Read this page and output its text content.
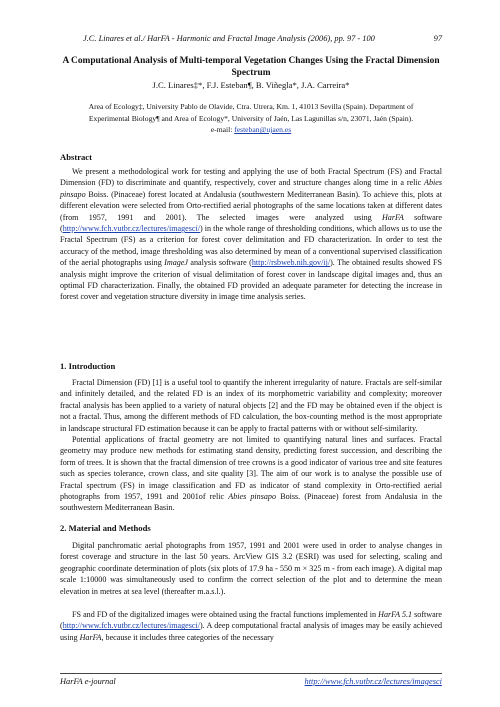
J.C. Linares et al./ HarFA - Harmonic and Fractal Image Analysis (2006), pp. 97 - 100	97
A Computational Analysis of Multi-temporal Vegetation Changes Using the Fractal Dimension Spectrum
J.C. Linares‡*, F.J. Esteban¶, B. Viñegla*, J.A. Carreira*
Area of Ecology‡, University Pablo de Olavide, Ctra. Utrera, Km. 1, 41013 Sevilla (Spain). Department of
Experimental Biology¶ and Area of Ecology*, University of Jaén, Las Lagunillas s/n, 23071, Jaén (Spain).
e-mail: festeban@ujaen.es
Abstract
We present a methodological work for testing and applying the use of both Fractal Spectrum (FS) and Fractal Dimension (FD) to discriminate and quantify, respectively, cover and structure changes along time in a relic Abies pinsapo Boiss. (Pinaceae) forest located at Andalusia (southwestern Mediterranean Basin). To achieve this, plots at different elevation were selected from Orto-rectified aerial photographs of the same locations taken at different dates (from 1957, 1991 and 2001). The selected images were analyzed using HarFA software (http://www.fch.vutbr.cz/lectures/imagesci/) in the whole range of thresholding conditions, which allows us to use the Fractal Spectrum (FS) as a criterion for forest cover delimitation and FD characterization. In order to test the accuracy of the method, image thresholding was also determined by mean of a conventional supervised classification of the aerial photographs using ImageJ analysis software (http://rsbweb.nih.gov/ij/). The obtained results showed FS analysis might improve the criterion of visual delimitation of forest cover in landscape digital images and, thus an optimal FD characterization. Finally, the obtained FD provided an adequate parameter for detecting the increase in forest cover and vegetation structure diversity in image time analysis series.
1. Introduction
Fractal Dimension (FD) [1] is a useful tool to quantify the inherent irregularity of nature. Fractals are self-similar and infinitely detailed, and the related FD is an index of its morphometric variability and complexity; moreover fractal analysis has been applied to a variety of natural objects [2] and the FD may be obtained even if the object is not a fractal. Thus, among the different methods of FD calculation, the box-counting method is the most appropriate in landscape structural FD estimation because it can be apply to fractal patterns with or without self-similarity.
Potential applications of fractal geometry are not limited to quantifying natural lines and surfaces. Fractal geometry may produce new methods for estimating stand density, predicting forest succession, and describing the form of trees. It is shown that the fractal dimension of tree crowns is a good indicator of various tree and site features such as species tolerance, crown class, and site quality [3]. The aim of our work is to analyse the possible use of Fractal spectrum (FS) in image classification and FD as indicator of stand complexity in Orto-rectified aerial photographs from 1957, 1991 and 2001of relic Abies pinsapo Boiss. (Pinaceae) forest from Andalusia in the southwestern Mediterranean Basin.
2. Material and Methods
Digital panchromatic aerial photographs from 1957, 1991 and 2001 were used in order to analyse changes in forest coverage and structure in the last 50 years. ArcView GIS 3.2 (ESRI) was used for selecting, scaling and geographic coordinate determination of plots (six plots of 17.9 ha - 550 m × 325 m - from each image). A digital map scale 1:10000 was simultaneously used to confirm the correct selection of the plot and to determine the mean elevation in metres at sea level (thereafter m.a.s.l.).
FS and FD of the digitalized images were obtained using the fractal functions implemented in HarFA 5.1 software (http://www.fch.vutbr.cz/lectures/imagesci/). A deep computational fractal analysis of images may be easily achieved using HarFA, because it includes three categories of the necessary
HarFA e-journal	http://www.fch.vutbr.cz/lectures/imagesci
